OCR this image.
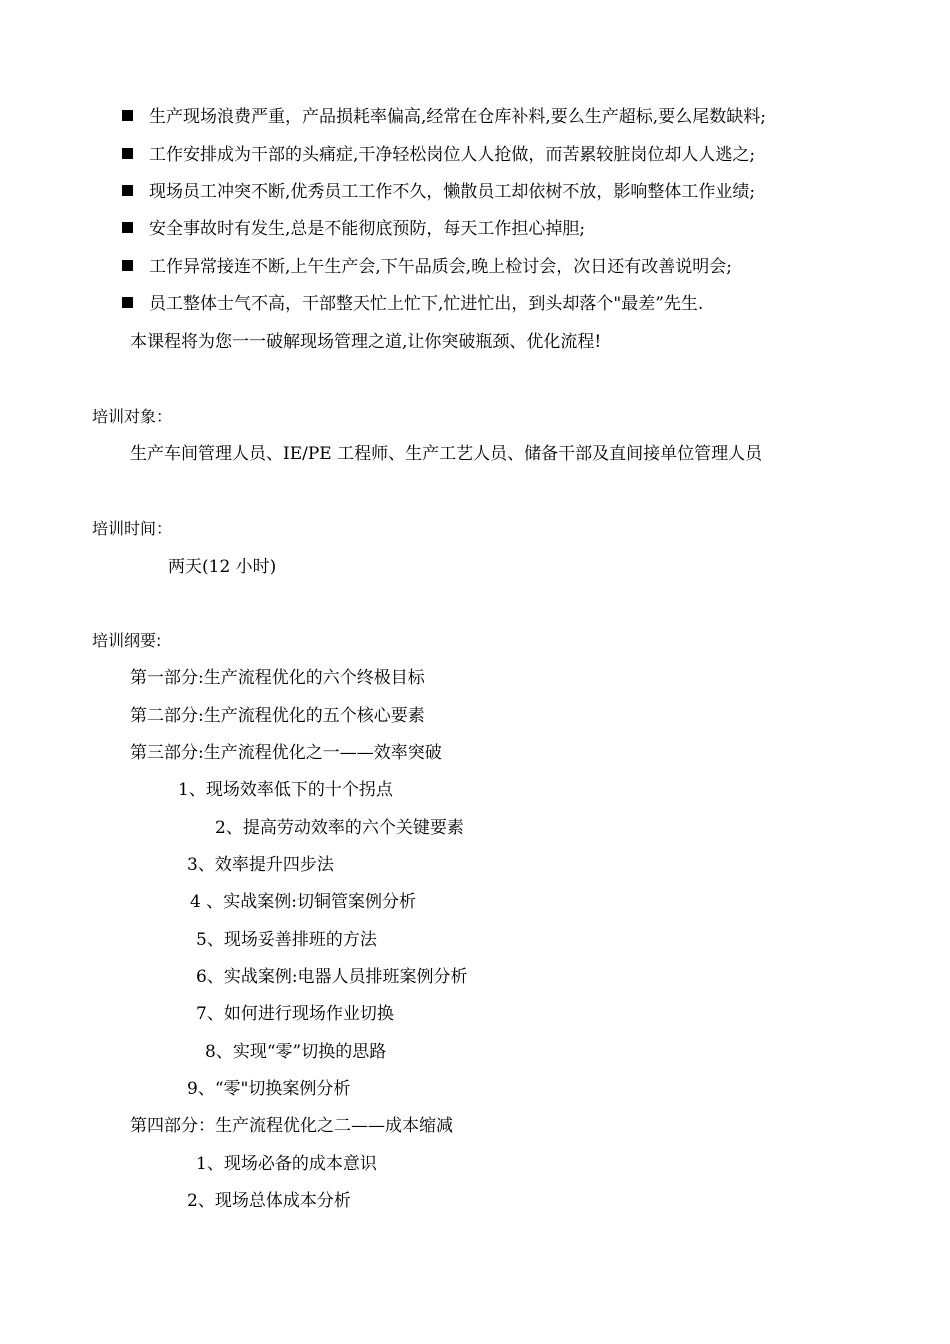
生产现场浪费严重，产品损耗率偏高,经常在仓库补料,要么生产超标,要么尾数缺料;
工作安排成为干部的头痛症,干净轻松岗位人人抢做，而苦累较脏岗位却人人逃之;
现场员工冲突不断,优秀员工工作不久，懒散员工却依树不放，影响整体工作业绩;
安全事故时有发生,总是不能彻底预防，每天工作担心掉胆;
工作异常接连不断,上午生产会,下午品质会,晚上检讨会，次日还有改善说明会;
员工整体士气不高，干部整天忙上忙下,忙进忙出，到头却落个"最差”先生.
本课程将为您一一破解现场管理之道,让你突破瓶颈、优化流程!
培训对象：
生产车间管理人员、IE/PE 工程师、生产工艺人员、储备干部及直间接单位管理人员
培训时间：
两天(12 小时)
培训纲要:
第一部分:生产流程优化的六个终极目标
第二部分:生产流程优化的五个核心要素
第三部分:生产流程优化之一——效率突破
1、现场效率低下的十个拐点
2、提高劳动效率的六个关键要素
3、效率提升四步法
4 、实战案例:切铜管案例分析
5、现场妥善排班的方法
6、实战案例:电器人员排班案例分析
7、如何进行现场作业切换
8、实现“零”切换的思路
9、“零"切换案例分析
第四部分：生产流程优化之二——成本缩减
1、现场必备的成本意识
2、现场总体成本分析
